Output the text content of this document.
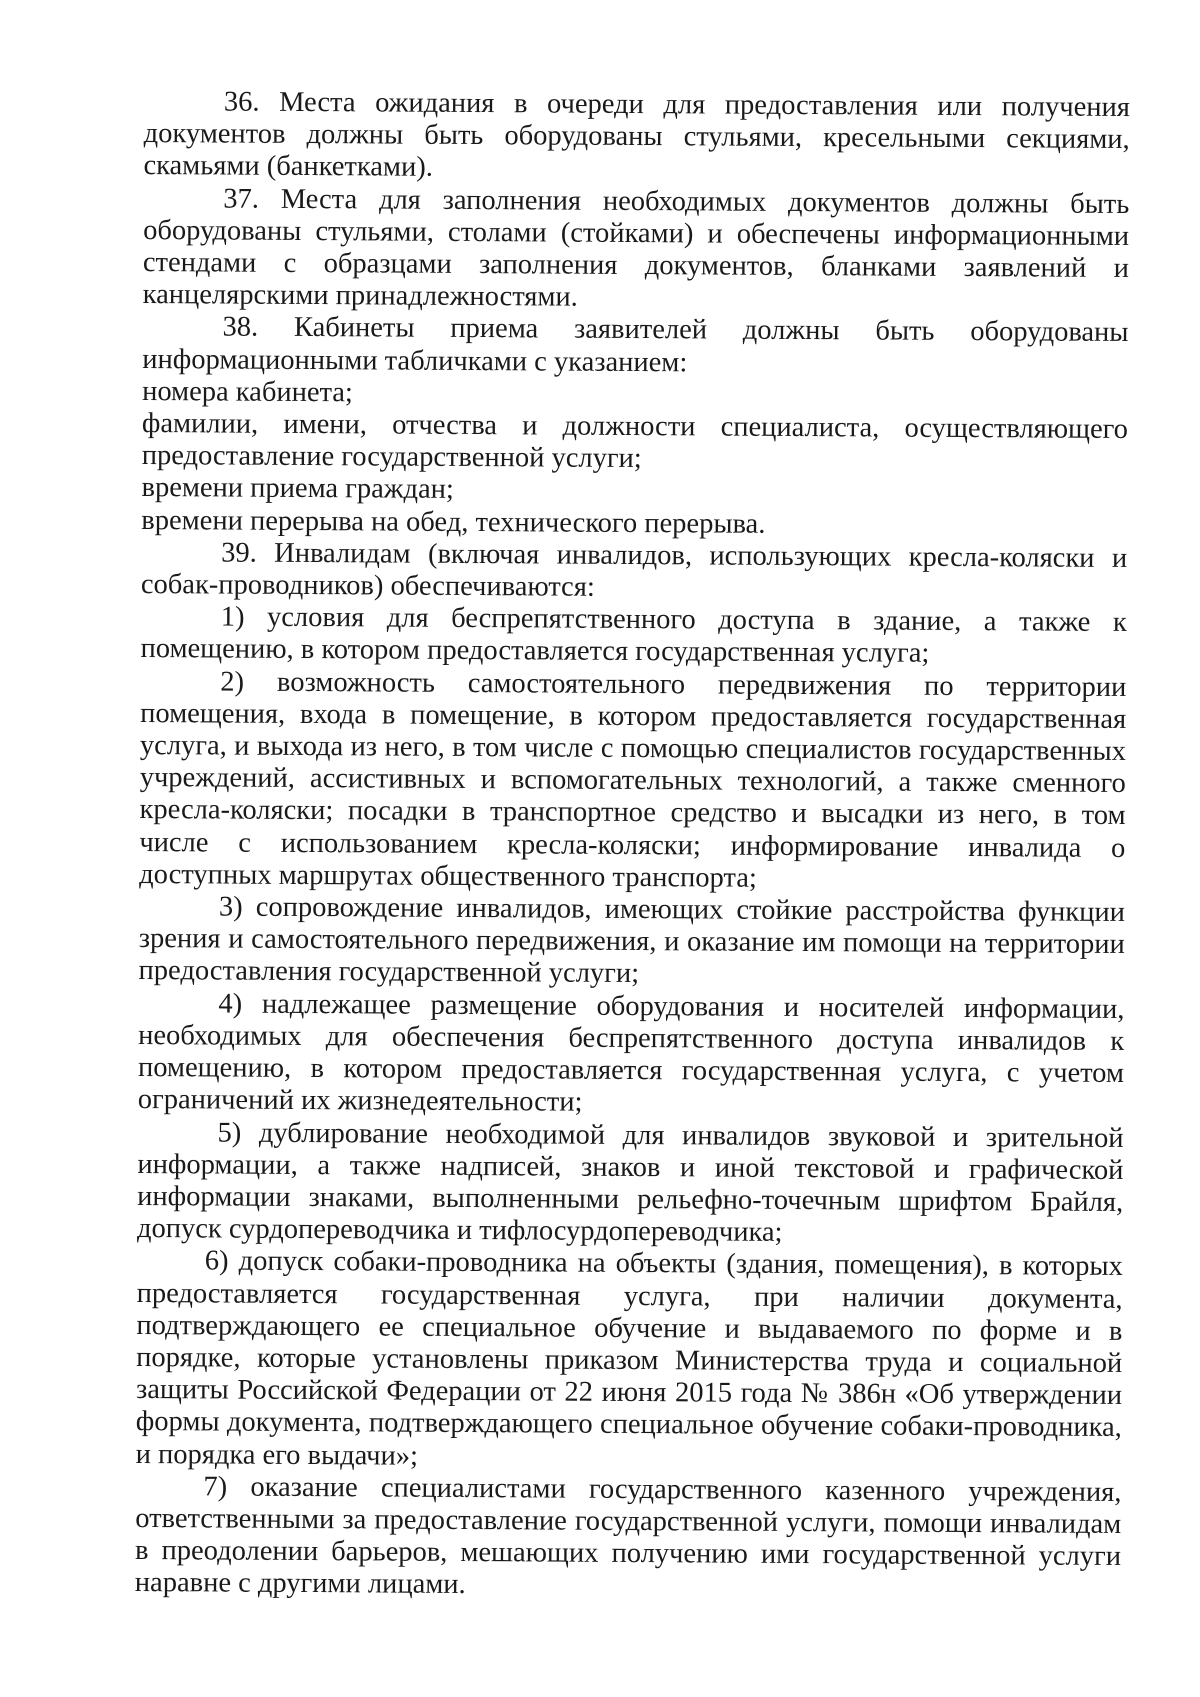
36. Места ожидания в очереди для предоставления или получения документов должны быть оборудованы стульями, кресельными секциями, скамьями (банкетками).

37. Места для заполнения необходимых документов должны быть оборудованы стульями, столами (стойками) и обеспечены информационными стендами с образцами заполнения документов, бланками заявлений и канцелярскими принадлежностями.

38. Кабинеты приема заявителей должны быть оборудованы информационными табличками с указанием:

номера кабинета;

фамилии, имени, отчества и должности специалиста, осуществляющего предоставление государственной услуги;

времени приема граждан;

времени перерыва на обед, технического перерыва.

39. Инвалидам (включая инвалидов, использующих кресла-коляски и собак-проводников) обеспечиваются:

1) условия для беспрепятственного доступа в здание, а также к помещению, в котором предоставляется государственная услуга;

2) возможность самостоятельного передвижения по территории помещения, входа в помещение, в котором предоставляется государственная услуга, и выхода из него, в том числе с помощью специалистов государственных учреждений, ассистивных и вспомогательных технологий, а также сменного кресла-коляски; посадки в транспортное средство и высадки из него, в том числе с использованием кресла-коляски; информирование инвалида о доступных маршрутах общественного транспорта;

3) сопровождение инвалидов, имеющих стойкие расстройства функции зрения и самостоятельного передвижения, и оказание им помощи на территории предоставления государственной услуги;

4) надлежащее размещение оборудования и носителей информации, необходимых для обеспечения беспрепятственного доступа инвалидов к помещению, в котором предоставляется государственная услуга, с учетом ограничений их жизнедеятельности;

5) дублирование необходимой для инвалидов звуковой и зрительной информации, а также надписей, знаков и иной текстовой и графической информации знаками, выполненными рельефно-точечным шрифтом Брайля, допуск сурдопереводчика и тифлосурдопереводчика;

6) допуск собаки-проводника на объекты (здания, помещения), в которых предоставляется государственная услуга, при наличии документа, подтверждающего ее специальное обучение и выдаваемого по форме и в порядке, которые установлены приказом Министерства труда и социальной защиты Российской Федерации от 22 июня 2015 года № 386н «Об утверждении формы документа, подтверждающего специальное обучение собаки-проводника, и порядка его выдачи»;

7) оказание специалистами государственного казенного учреждения, ответственными за предоставление государственной услуги, помощи инвалидам в преодолении барьеров, мешающих получению ими государственной услуги наравне с другими лицами.
